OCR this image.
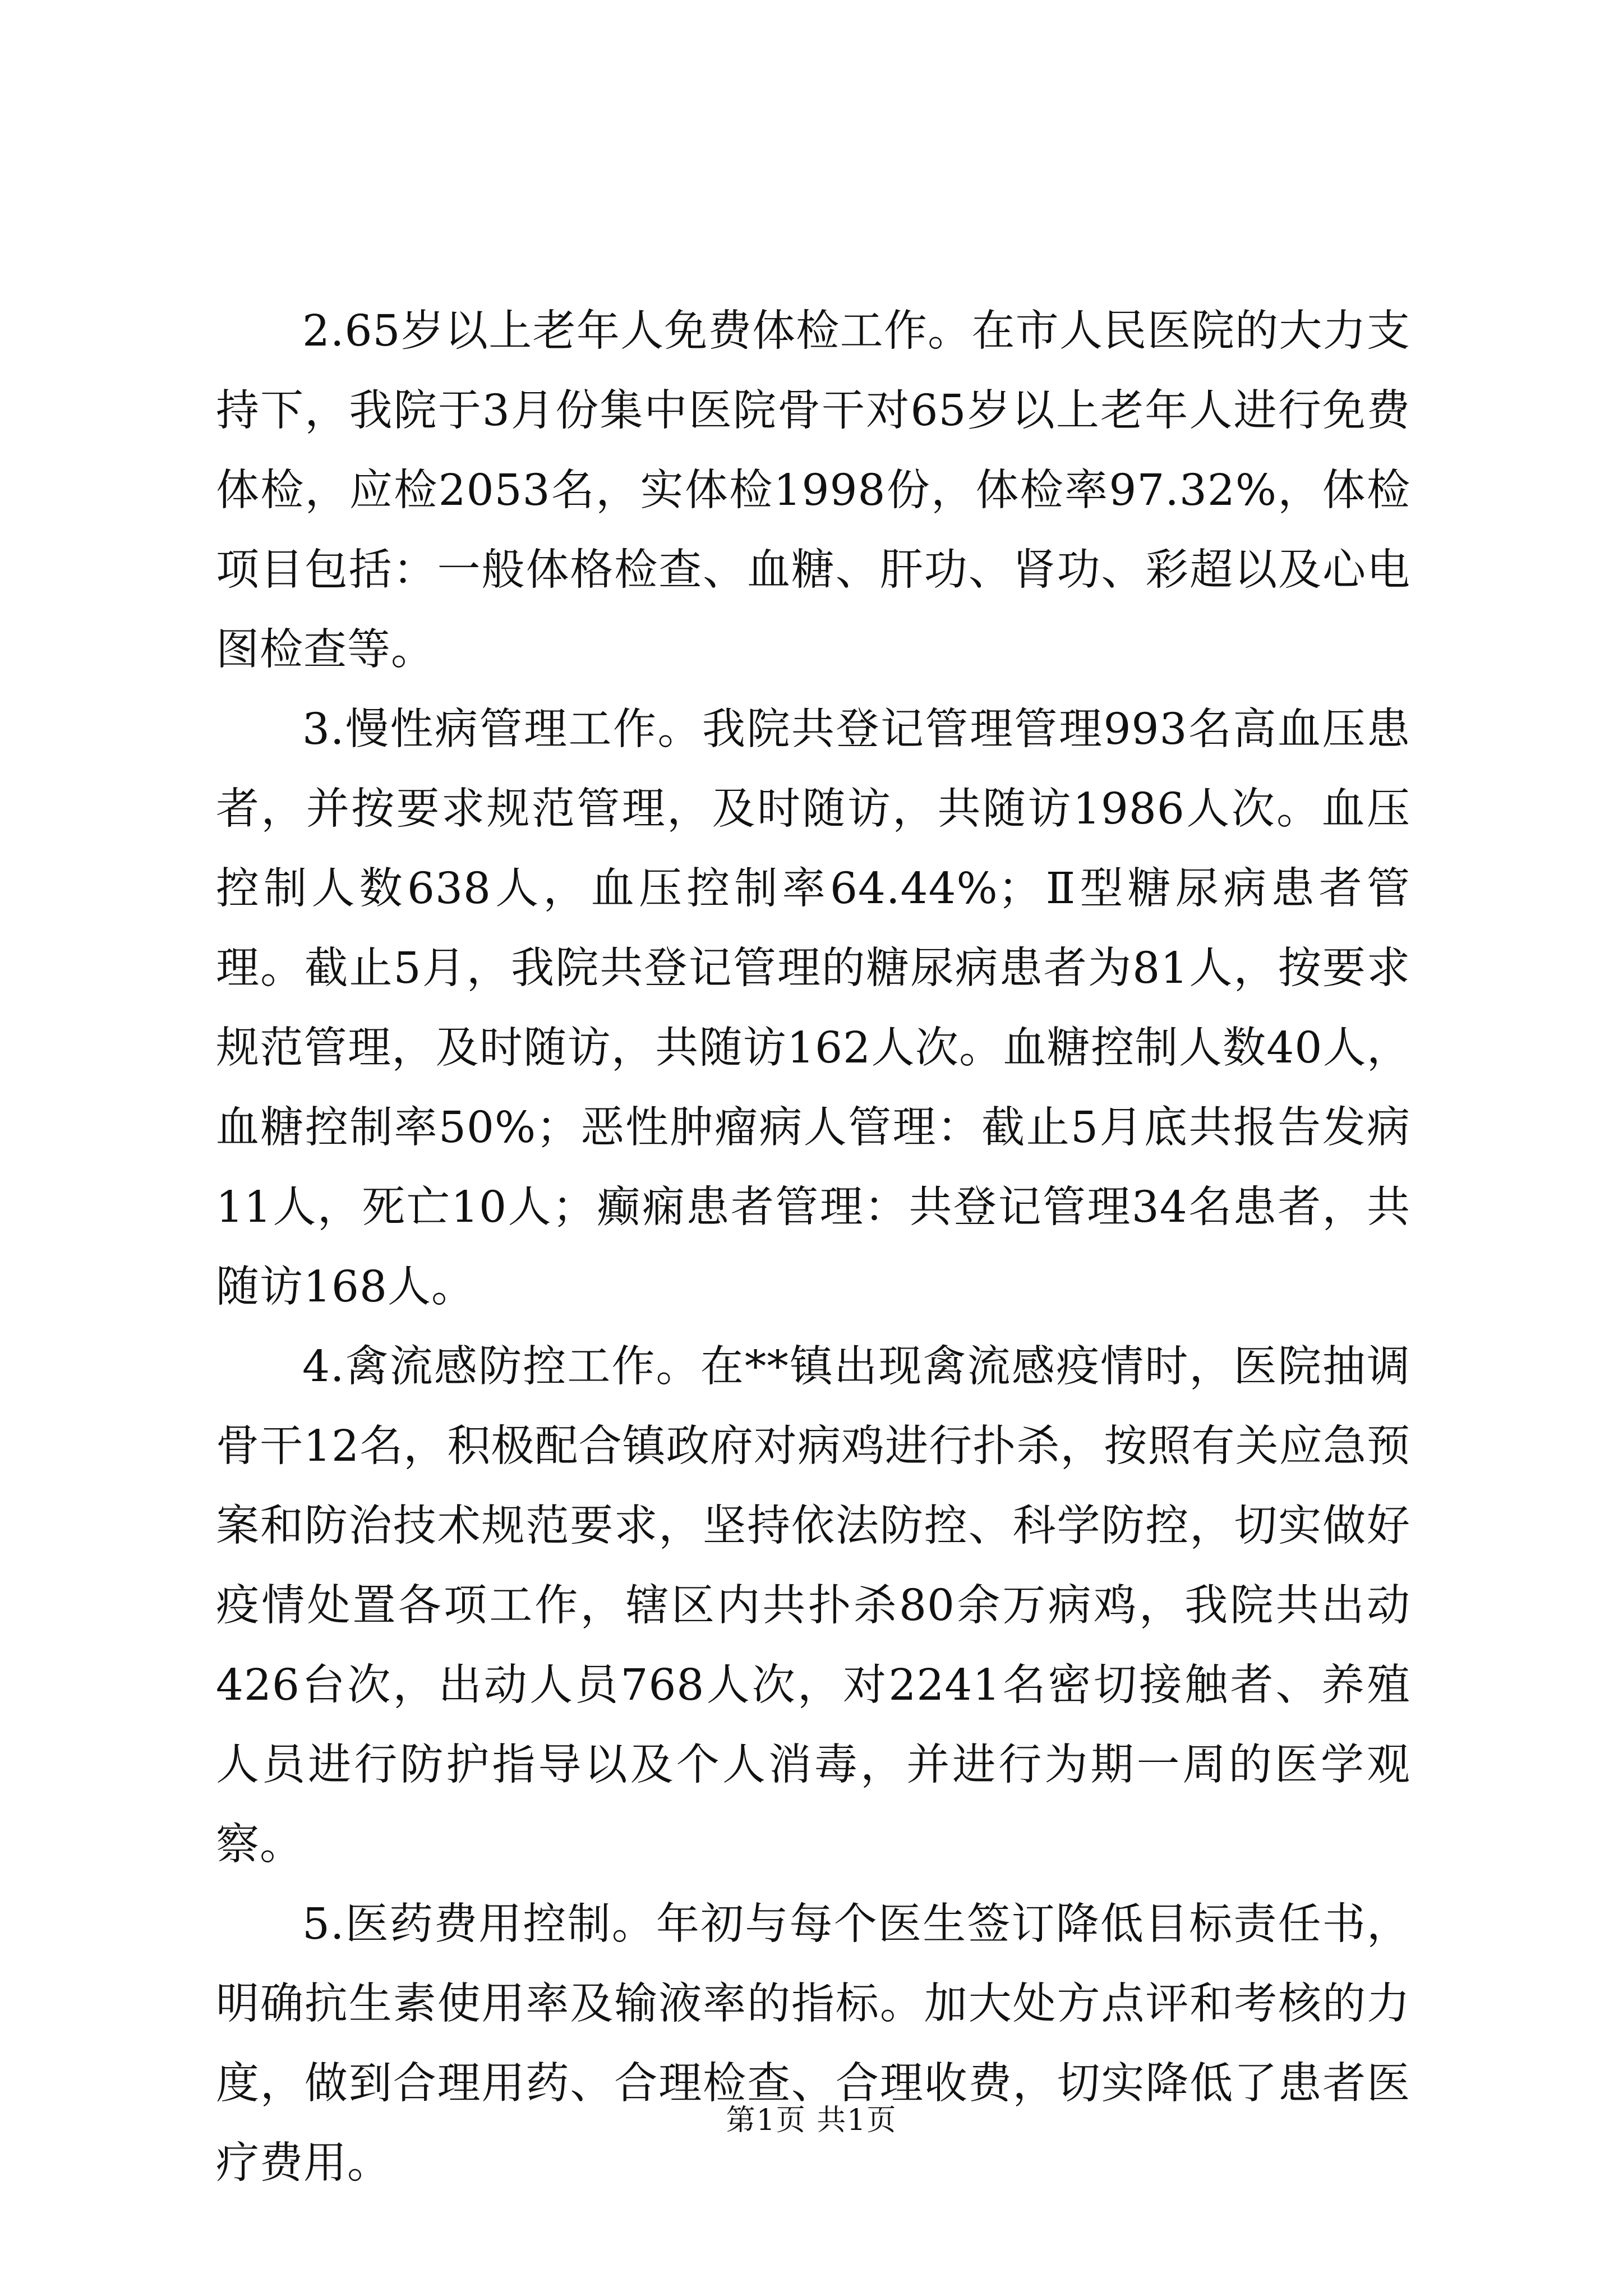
2.65岁以上老年人免费体检工作。在市人民医院的大力支持下，我院于3月份集中医院骨干对65岁以上老年人进行免费体检，应检2053名，实体检1998份，体检率97.32%，体检项目包括：一般体格检查、血糖、肝功、肾功、彩超以及心电图检查等。

3.慢性病管理工作。我院共登记管理管理993名高血压患者，并按要求规范管理，及时随访，共随访1986人次。血压控制人数638人，血压控制率64.44%；Ⅱ型糖尿病患者管理。截止5月，我院共登记管理的糖尿病患者为81人，按要求规范管理，及时随访，共随访162人次。血糖控制人数40人，血糖控制率50%；恶性肿瘤病人管理：截止5月底共报告发病11人，死亡10人；癫痫患者管理：共登记管理34名患者，共随访168人。

4.禽流感防控工作。在**镇出现禽流感疫情时，医院抽调骨干12名，积极配合镇政府对病鸡进行扑杀，按照有关应急预案和防治技术规范要求，坚持依法防控、科学防控，切实做好疫情处置各项工作，辖区内共扑杀80余万病鸡，我院共出动426台次，出动人员768人次，对2241名密切接触者、养殖人员进行防护指导以及个人消毒，并进行为期一周的医学观察。

5.医药费用控制。年初与每个医生签订降低目标责任书，明确抗生素使用率及输液率的指标。加大处方点评和考核的力度，做到合理用药、合理检查、合理收费，切实降低了患者医疗费用。

第1页 共1页
